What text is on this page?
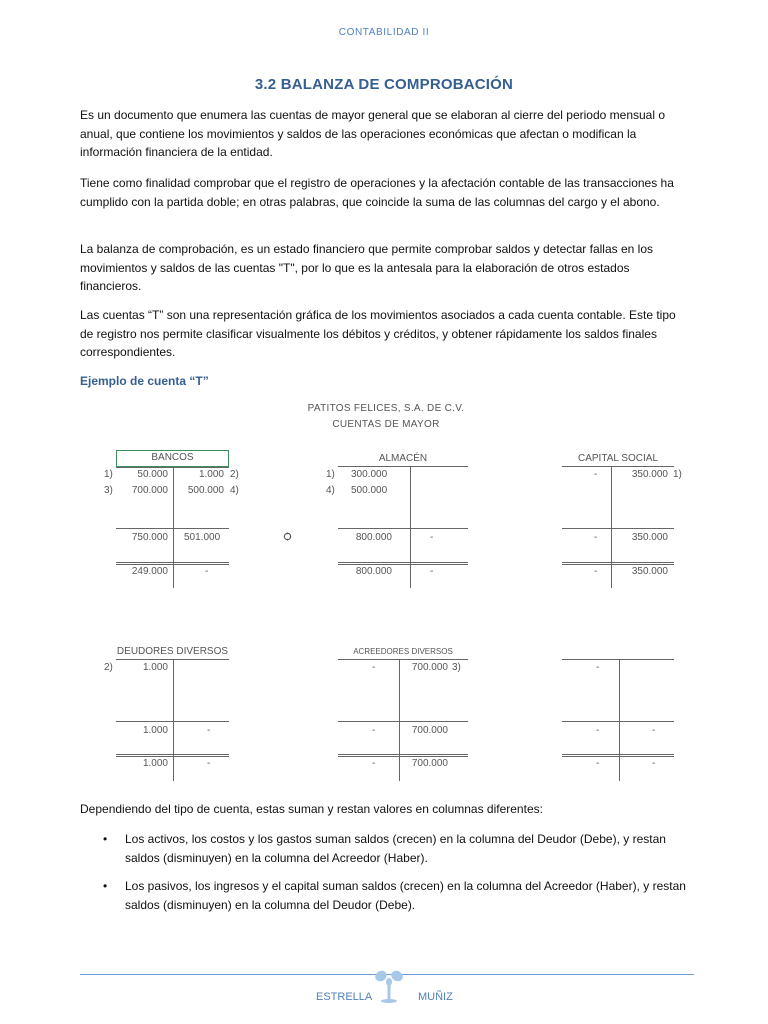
CONTABILIDAD II
3.2 BALANZA DE COMPROBACIÓN

Es un documento que enumera las cuentas de mayor general que se elaboran al cierre del periodo mensual o anual, que contiene los movimientos y saldos de las operaciones económicas que afectan o modifican la información financiera de la entidad.

Tiene como finalidad comprobar que el registro de operaciones y la afectación contable de las transacciones ha cumplido con la partida doble; en otras palabras, que coincide la suma de las columnas del cargo y el abono.

La balanza de comprobación, es un estado financiero que permite comprobar saldos y detectar fallas en los movimientos y saldos de las cuentas "T", por lo que es la antesala para la elaboración de otros estados financieros.

Las cuentas “T” son una representación gráfica de los movimientos asociados a cada cuenta contable. Este tipo de registro nos permite clasificar visualmente los débitos y créditos, y obtener rápidamente los saldos finales correspondientes.

Ejemplo de cuenta “T”
PATITOS FELICES, S.A. DE C.V.
CUENTAS DE MAYOR
BANCOS
1)	50.000	1.000 2)
3)	700.000	500.000 4)
750.000 501.000
249.000	-
ALMACÉN
1) 300.000
4) 500.000
800.000	-
800.000	-
CAPITAL SOCIAL
-	350.000 1)
-	350.000
-	350.000
DEUDORES DIVERSOS
2)	1.000
1.000	-
1.000	-
ACREEDORES DIVERSOS
-	700.000 3)
-	700.000
-	700.000
-
-	-
-	-
Dependiendo del tipo de cuenta, estas suman y restan valores en columnas diferentes:
• Los activos, los costos y los gastos suman saldos (crecen) en la columna del Deudor (Debe), y restan saldos (disminuyen) en la columna del Acreedor (Haber).
• Los pasivos, los ingresos y el capital suman saldos (crecen) en la columna del Acreedor (Haber), y restan saldos (disminuyen) en la columna del Deudor (Debe).
ESTRELLA	MUÑIZ
